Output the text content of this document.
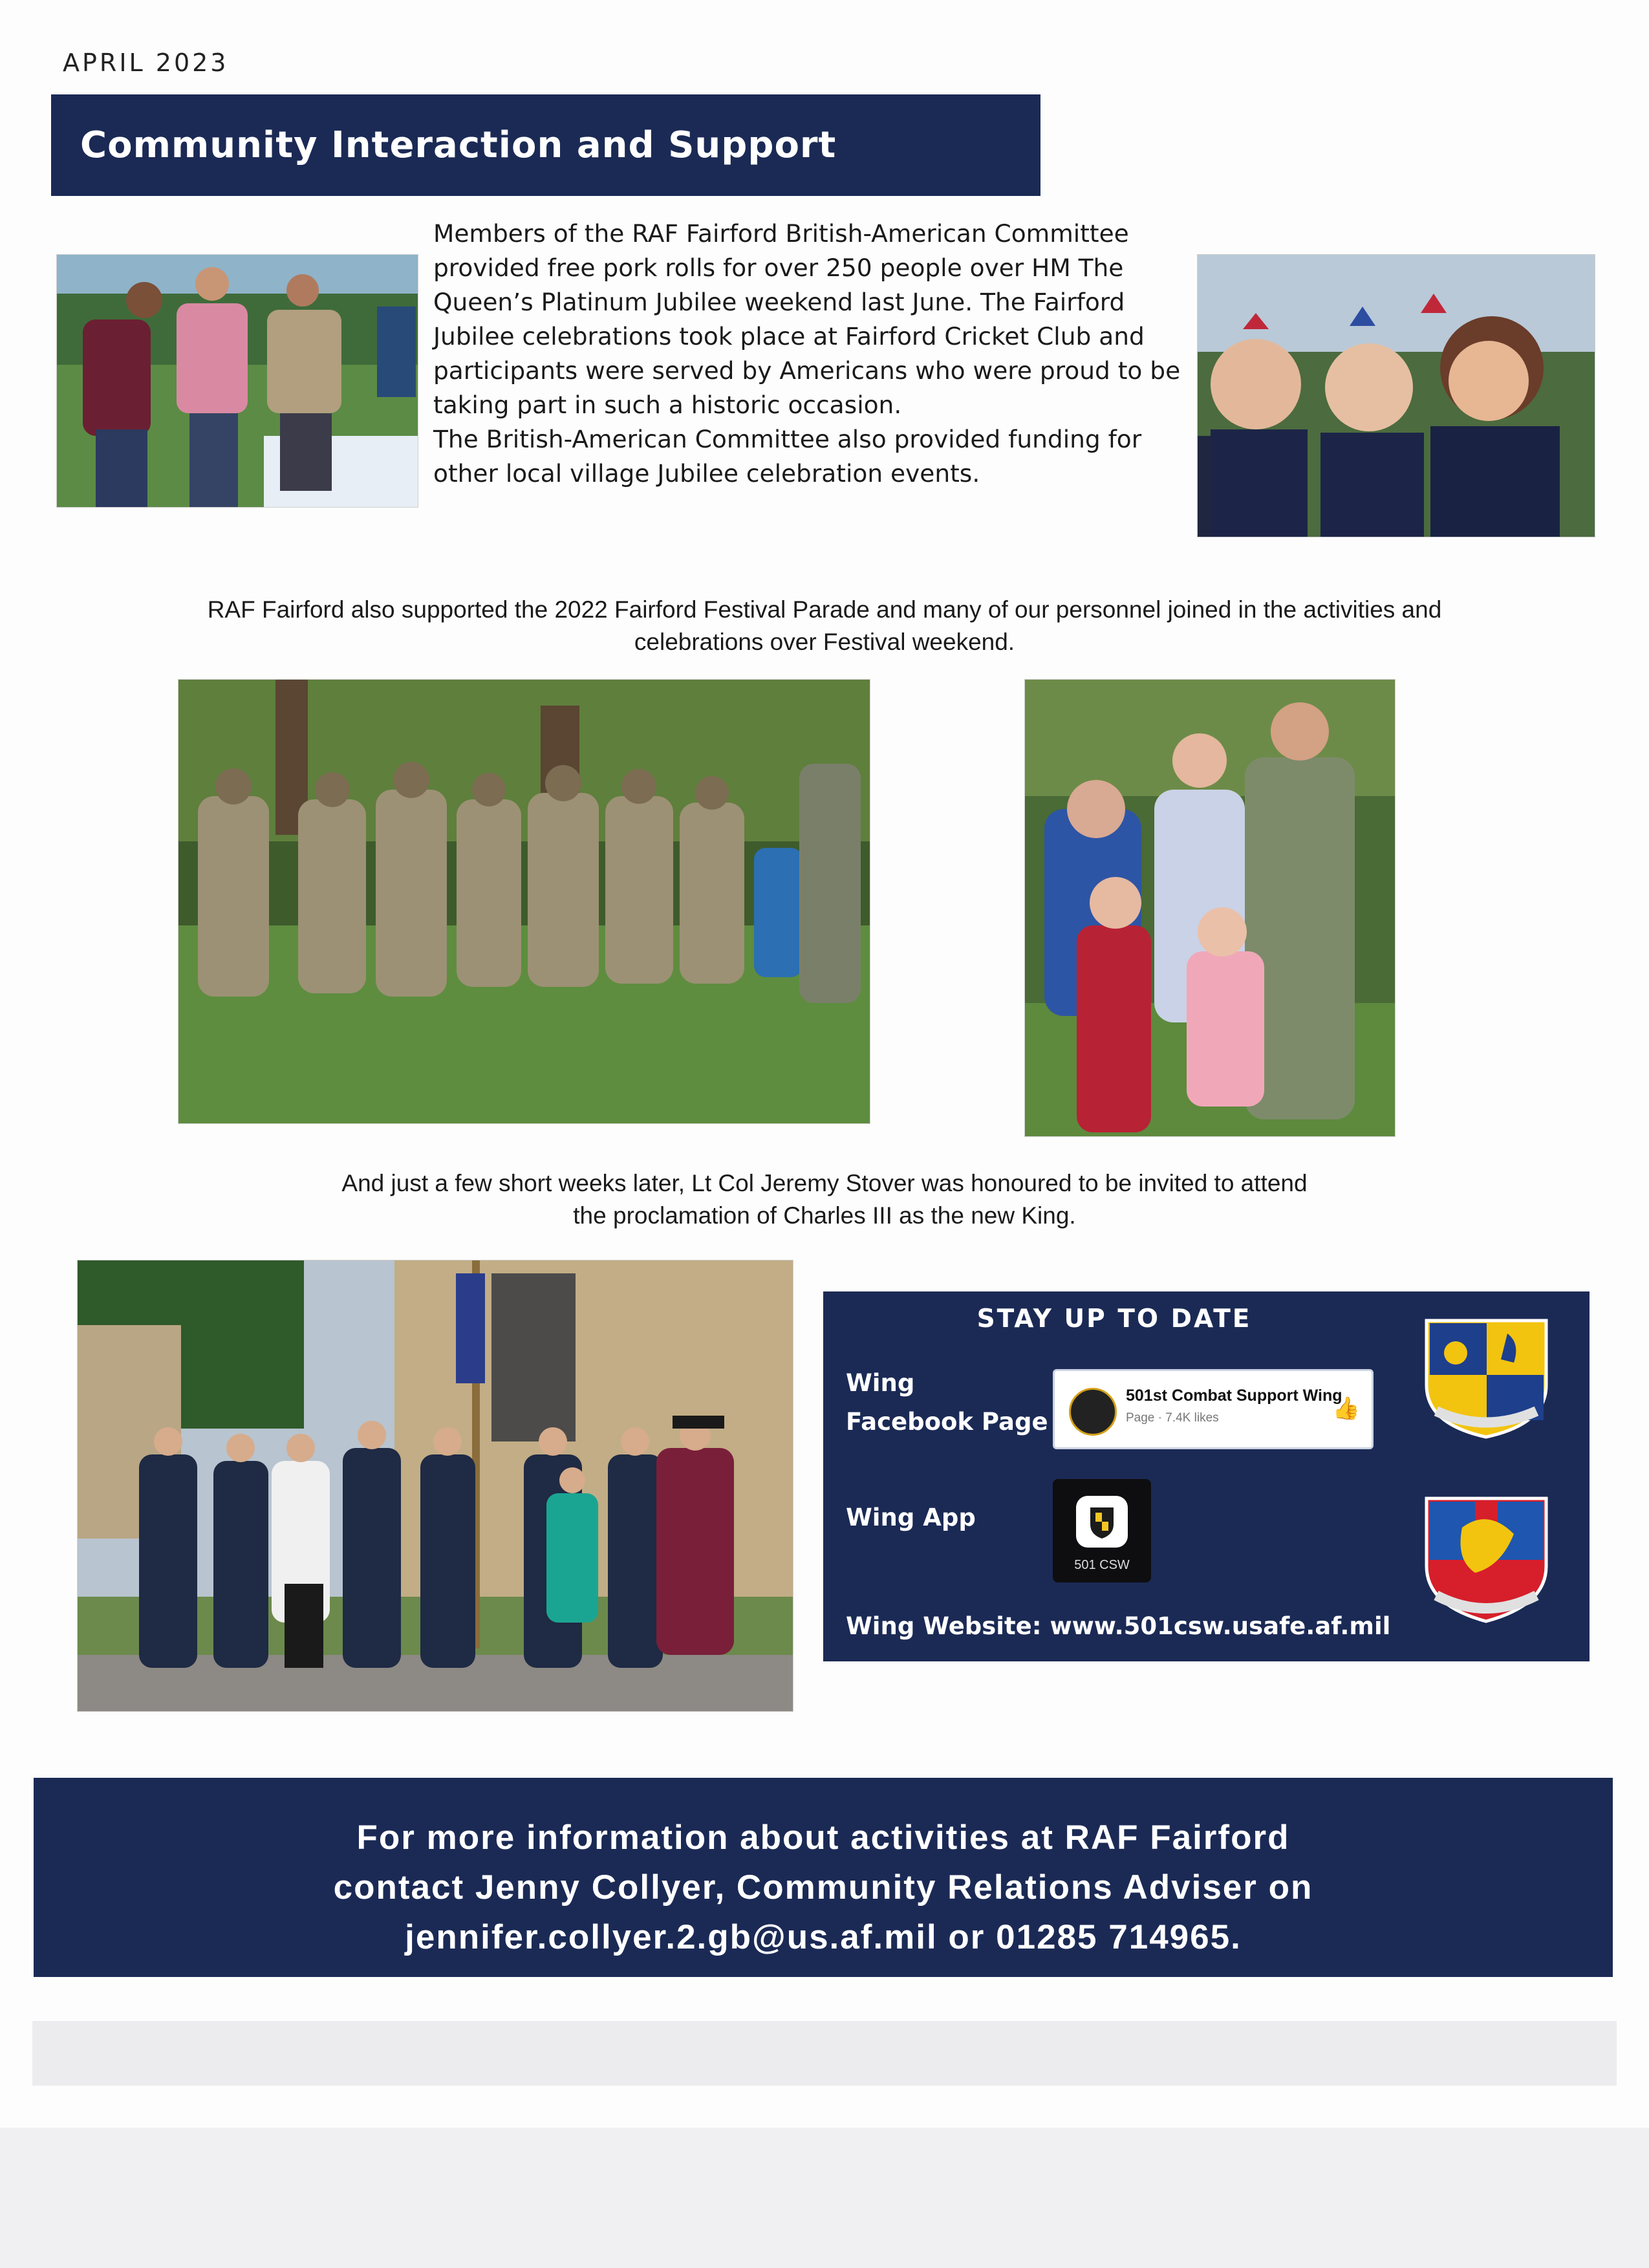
APRIL 2023
Community Interaction and Support

Members of the RAF Fairford British-American Committee provided free pork rolls for over 250 people over HM The Queen’s Platinum Jubilee weekend last June. The Fairford Jubilee celebrations took place at Fairford Cricket Club and participants were served by Americans who were proud to be taking part in such a historic occasion.

The British-American Committee also provided funding for other local village Jubilee celebration events.

RAF Fairford also supported the 2022 Fairford Festival Parade and many of our personnel joined in the activities and
celebrations over Festival weekend.
And just a few short weeks later, Lt Col Jeremy Stover was honoured to be invited to attend
the proclamation of Charles III as the new King.
STAY UP TO DATE
Wing
Facebook Page
501st Combat Support Wing
Page · 7.4K likes	👍
Wing App
501 CSW
Wing Website: www.501csw.usafe.af.mil
For more information about activities at RAF Fairford
contact Jenny Collyer, Community Relations Adviser on
jennifer.collyer.2.gb@us.af.mil or 01285 714965.
